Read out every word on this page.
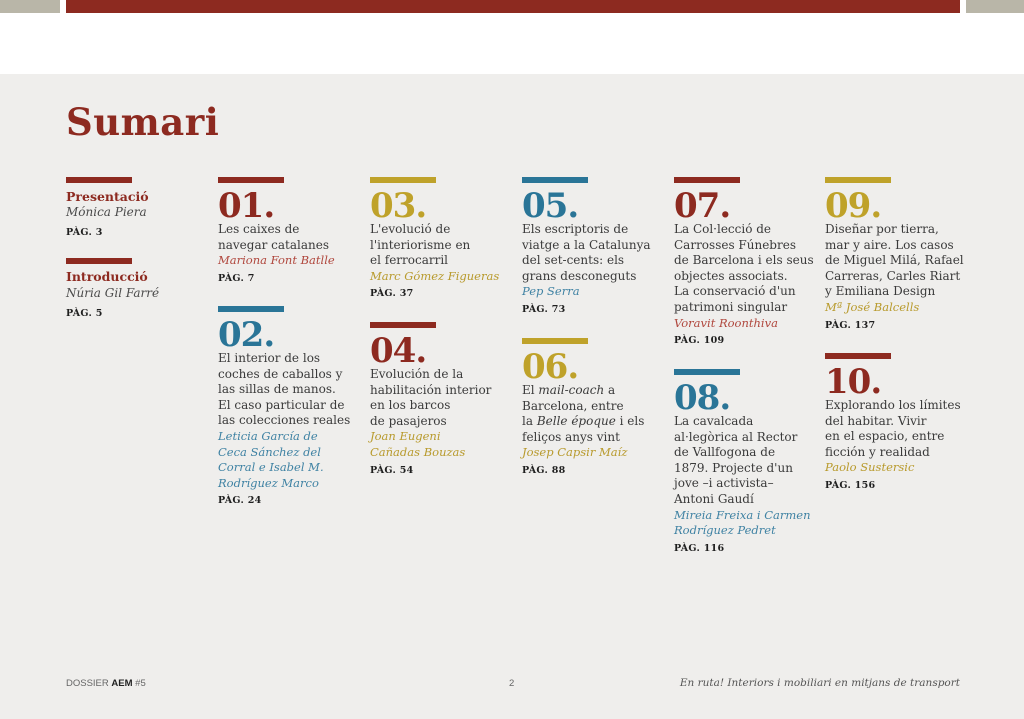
Sumari
Presentació
Mónica Piera
PÀG. 3
Introducció
Núria Gil Farré
PÀG. 5
01.
Les caixes de
navegar catalanes
Mariona Font Batlle
PÀG. 7
02.
El interior de los
coches de caballos y
las sillas de manos.
El caso particular de
las colecciones reales
Leticia García de
Ceca Sánchez del
Corral e Isabel M.
Rodríguez Marco
PÀG. 24
03.
L'evolució de
l'interiorisme en
el ferrocarril
Marc Gómez Figueras
PÀG. 37
04.
Evolución de la
habilitación interior
en los barcos
de pasajeros
Joan Eugeni
Cañadas Bouzas
PÀG. 54
05.
Els escriptoris de
viatge a la Catalunya
del set-cents: els
grans desconeguts
Pep Serra
PÀG. 73
06.
El mail-coach a
Barcelona, entre
la Belle époque i els
feliços anys vint
Josep Capsir Maíz
PÀG. 88
07.
La Col·lecció de
Carrosses Fúnebres
de Barcelona i els seus
objectes associats.
La conservació d'un
patrimoni singular
Voravit Roonthiva
PÀG. 109
08.
La cavalcada
al·legòrica al Rector
de Vallfogona de
1879. Projecte d'un
jove –i activista–
Antoni Gaudí
Mireia Freixa i Carmen
Rodríguez Pedret
PÀG. 116
09.
Diseñar por tierra,
mar y aire. Los casos
de Miguel Milá, Rafael
Carreras, Carles Riart
y Emiliana Design
Mª José Balcells
PÀG. 137
10.
Explorando los límites
del habitar. Vivir
en el espacio, entre
ficción y realidad
Paolo Sustersic
PÀG. 156
DOSSIER AEM #5	2	En ruta! Interiors i mobiliari en mitjans de transport
